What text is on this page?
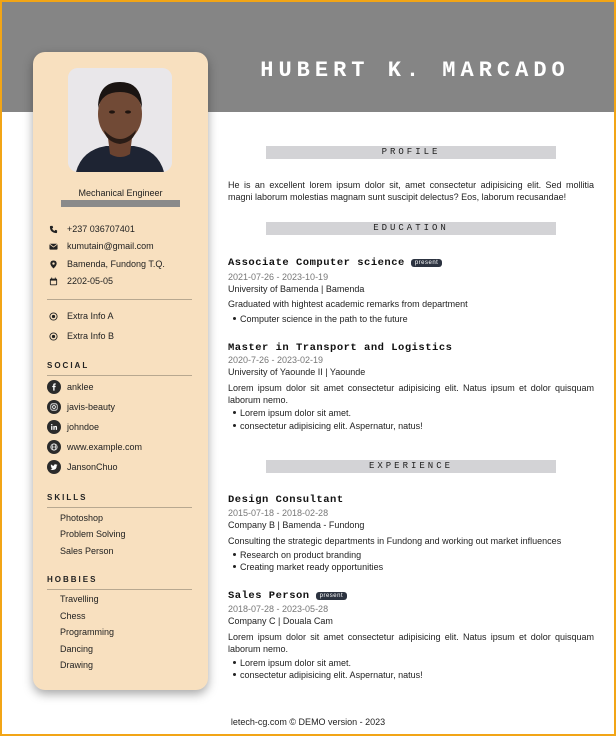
HUBERT K. MARCADO
Mechanical Engineer
+237 036707401
kumutain@gmail.com
Bamenda, Fundong T.Q.
2202-05-05
Extra Info A
Extra Info B
SOCIAL
anklee
javis-beauty
johndoe
www.example.com
JansonChuo
SKILLS
Photoshop
Problem Solving
Sales Person
HOBBIES
Travelling
Chess
Programming
Dancing
Drawing
PROFILE
He is an excellent lorem ipsum dolor sit, amet consectetur adipisicing elit. Sed mollitia magni laborum molestias magnam sunt suscipit delectus? Eos, laborum recusandae!
EDUCATION
Associate Computer science	present
2021-07-26 - 2023-10-19
University of Bamenda | Bamenda
Graduated with hightest academic remarks from department
Computer science in the path to the future
Master in Transport and Logistics
2020-7-26 - 2023-02-19
University of Yaounde II | Yaounde
Lorem ipsum dolor sit amet consectetur adipisicing elit. Natus ipsum et dolor quisquam laborum nemo.
Lorem ipsum dolor sit amet.
consectetur adipisicing elit. Aspernatur, natus!
EXPERIENCE
Design Consultant
2015-07-18 - 2018-02-28
Company B | Bamenda - Fundong
Consulting the strategic departments in Fundong and working out market influences
Research on product branding
Creating market ready opportunities
Sales Person	present
2018-07-28 - 2023-05-28
Company C | Douala Cam
Lorem ipsum dolor sit amet consectetur adipisicing elit. Natus ipsum et dolor quisquam laborum nemo.
Lorem ipsum dolor sit amet.
consectetur adipisicing elit. Aspernatur, natus!
letech-cg.com © DEMO version - 2023
